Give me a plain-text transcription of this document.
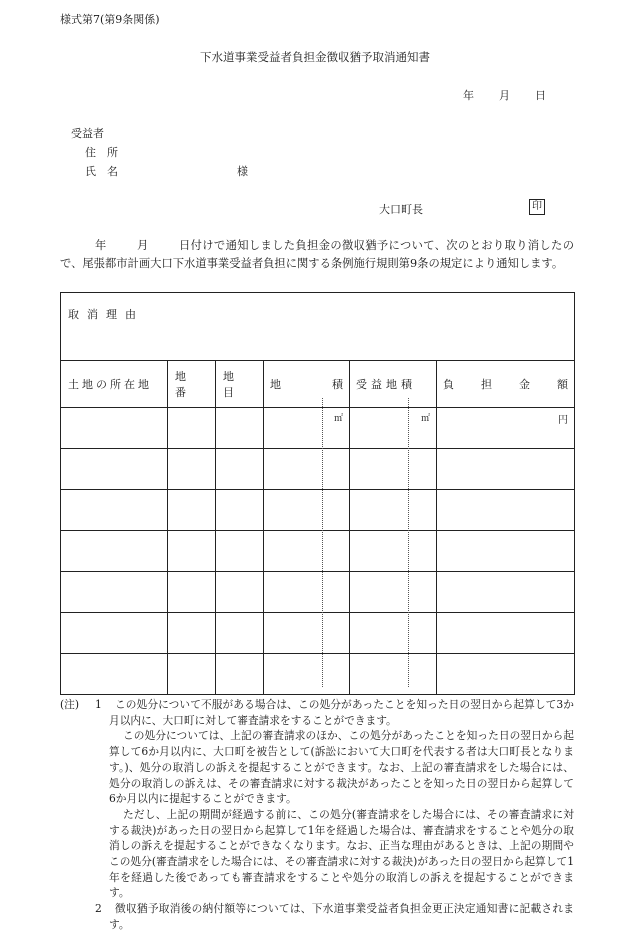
様式第7(第9条関係)
下水道事業受益者負担金徴収猶予取消通知書
年 月 日
受益者
住　所
氏　名	様
大口町長	印

年	月	日付けで通知しました負担金の徴収猶予について、次のとおり取り消したので、尾張都市計画大口下水道事業受益者負担に関する条例施行規則第9条の規定により通知します。

取消理由					

土地の所在地	地番	地目	地 積	受益地積	負 担 金 額

			㎡	㎡	円

(注)	1	この処分について不服がある場合は、この処分があったことを知った日の翌日から起算して3か月以内に、大口町に対して審査請求をすることができます。

この処分については、上記の審査請求のほか、この処分があったことを知った日の翌日から起算して6か月以内に、大口町を被告として(訴訟において大口町を代表する者は大口町長となります。)、処分の取消しの訴えを提起することができます。なお、上記の審査請求をした場合には、処分の取消しの訴えは、その審査請求に対する裁決があったことを知った日の翌日から起算して6か月以内に提起することができます。

ただし、上記の期間が経過する前に、この処分(審査請求をした場合には、その審査請求に対する裁決)があった日の翌日から起算して1年を経過した場合は、審査請求をすることや処分の取消しの訴えを提起することができなくなります。なお、正当な理由があるときは、上記の期間やこの処分(審査請求をした場合には、その審査請求に対する裁決)があった日の翌日から起算して1年を経過した後であっても審査請求をすることや処分の取消しの訴えを提起することができます。

2	徴収猶予取消後の納付額等については、下水道事業受益者負担金更正決定通知書に記載されます。
